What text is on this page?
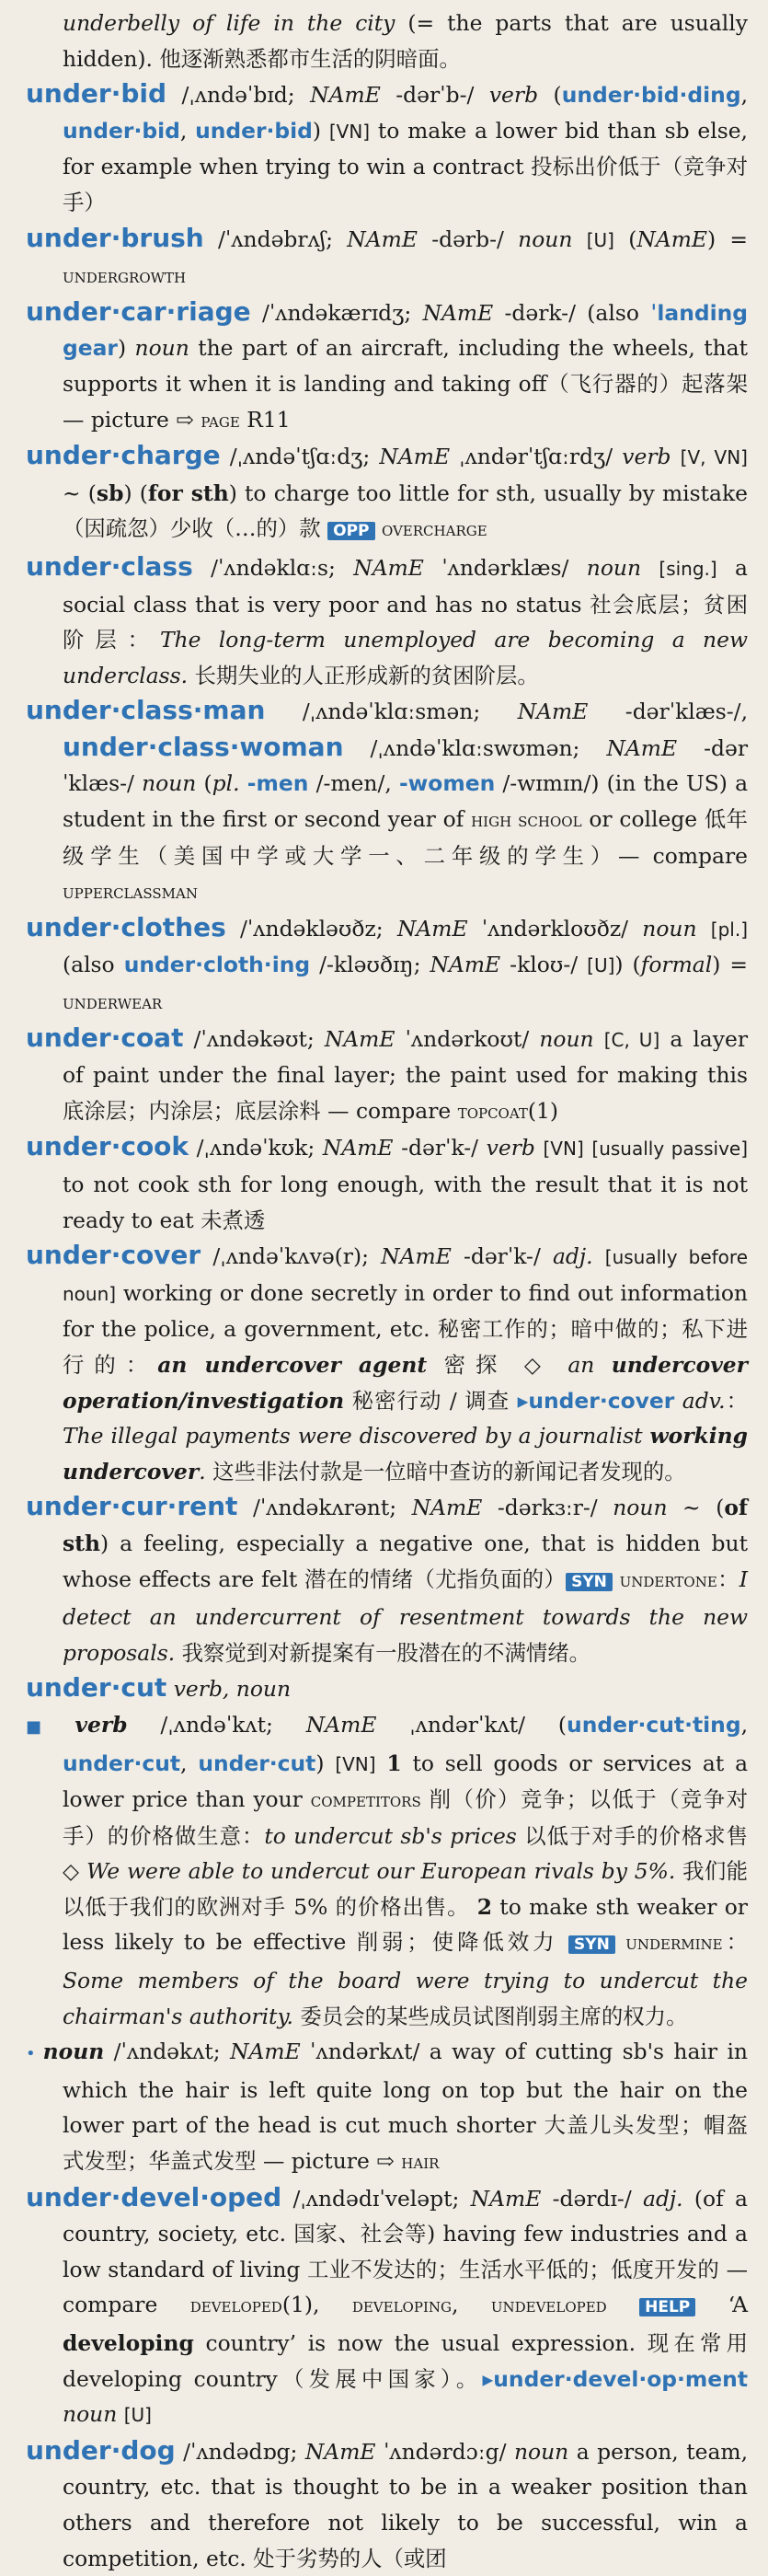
underbelly of life in the city (= the parts that are usually hidden). 他逐渐熟悉都市生活的阴暗面。

under·bid /ˌʌndəˈbɪd; NAmE -dərˈb-/ verb (under·bid·ding, under·bid, under·bid) [VN] to make a lower bid than sb else, for example when trying to win a contract 投标出价低于（竞争对手）

under·brush /ˈʌndəbrʌʃ; NAmE -dərb-/ noun [U] (NAmE) = undergrowth

under·car·riage /ˈʌndəkærɪdʒ; NAmE -dərk-/ (also ˈlanding gear) noun the part of an aircraft, including the wheels, that supports it when it is landing and taking off（飞行器的）起落架 — picture ⇨ page R11

under·charge /ˌʌndəˈtʃɑːdʒ; NAmE ˌʌndərˈtʃɑːrdʒ/ verb [V, VN] ~ (sb) (for sth) to charge too little for sth, usually by mistake（因疏忽）少收（…的）款 OPP overcharge

under·class /ˈʌndəklɑːs; NAmE ˈʌndərklæs/ noun [sing.] a social class that is very poor and has no status 社会底层；贫困阶层：The long-term unemployed are becoming a new underclass. 长期失业的人正形成新的贫困阶层。

under·class·man /ˌʌndəˈklɑːsmən; NAmE -dərˈklæs-/, under·class·woman /ˌʌndəˈklɑːswʊmən; NAmE -dərˈklæs-/ noun (pl. -men /-men/, -women /-wɪmɪn/) (in the US) a student in the first or second year of high school or college 低年级学生（美国中学或大学一、二年级的学生）— compare upperclassman

under·clothes /ˈʌndəkləʊðz; NAmE ˈʌndərkloʊðz/ noun [pl.] (also under·cloth·ing /-kləʊðɪŋ; NAmE -kloʊ-/ [U]) (formal) = underwear

under·coat /ˈʌndəkəʊt; NAmE ˈʌndərkoʊt/ noun [C, U] a layer of paint under the final layer; the paint used for making this 底涂层；内涂层；底层涂料 — compare topcoat(1)

under·cook /ˌʌndəˈkʊk; NAmE -dərˈk-/ verb [VN] [usually passive] to not cook sth for long enough, with the result that it is not ready to eat 未煮透

under·cover /ˌʌndəˈkʌvə(r); NAmE -dərˈk-/ adj. [usually before noun] working or done secretly in order to find out information for the police, a government, etc. 秘密工作的；暗中做的；私下进行的：an undercover agent 密探 ◇ an undercover operation/investigation 秘密行动 / 调查 ▸under·cover adv.：The illegal payments were discovered by a journalist working undercover. 这些非法付款是一位暗中查访的新闻记者发现的。

under·cur·rent /ˈʌndəkʌrənt; NAmE -dərkɜːr-/ noun ~ (of sth) a feeling, especially a negative one, that is hidden but whose effects are felt 潜在的情绪（尤指负面的） SYN undertone：I detect an undercurrent of resentment towards the new proposals. 我察觉到对新提案有一股潜在的不满情绪。

under·cut verb, noun

■ verb /ˌʌndəˈkʌt; NAmE ˌʌndərˈkʌt/ (under·cut·ting, under·cut, under·cut) [VN] 1 to sell goods or services at a lower price than your competitors 削（价）竞争；以低于（竞争对手）的价格做生意：to undercut sb's prices 以低于对手的价格求售 ◇ We were able to undercut our European rivals by 5%. 我们能以低于我们的欧洲对手 5% 的价格出售。 2 to make sth weaker or less likely to be effective 削弱；使降低效力 SYN undermine：Some members of the board were trying to undercut the chairman's authority. 委员会的某些成员试图削弱主席的权力。

• noun /ˈʌndəkʌt; NAmE ˈʌndərkʌt/ a way of cutting sb's hair in which the hair is left quite long on top but the hair on the lower part of the head is cut much shorter 大盖儿头发型；帽盔式发型；华盖式发型 — picture ⇨ hair

under·devel·oped /ˌʌndədɪˈveləpt; NAmE -dərdɪ-/ adj. (of a country, society, etc. 国家、社会等) having few industries and a low standard of living 工业不发达的；生活水平低的；低度开发的 — compare developed(1), developing, undeveloped HELP ‘A developing country’ is now the usual expression. 现在常用 developing country（发展中国家）。▸under·devel·op·ment noun [U]

under·dog /ˈʌndədɒg; NAmE ˈʌndərdɔːg/ noun a person, team, country, etc. that is thought to be in a weaker position than others and therefore not likely to be successful, win a competition, etc. 处于劣势的人（或团
